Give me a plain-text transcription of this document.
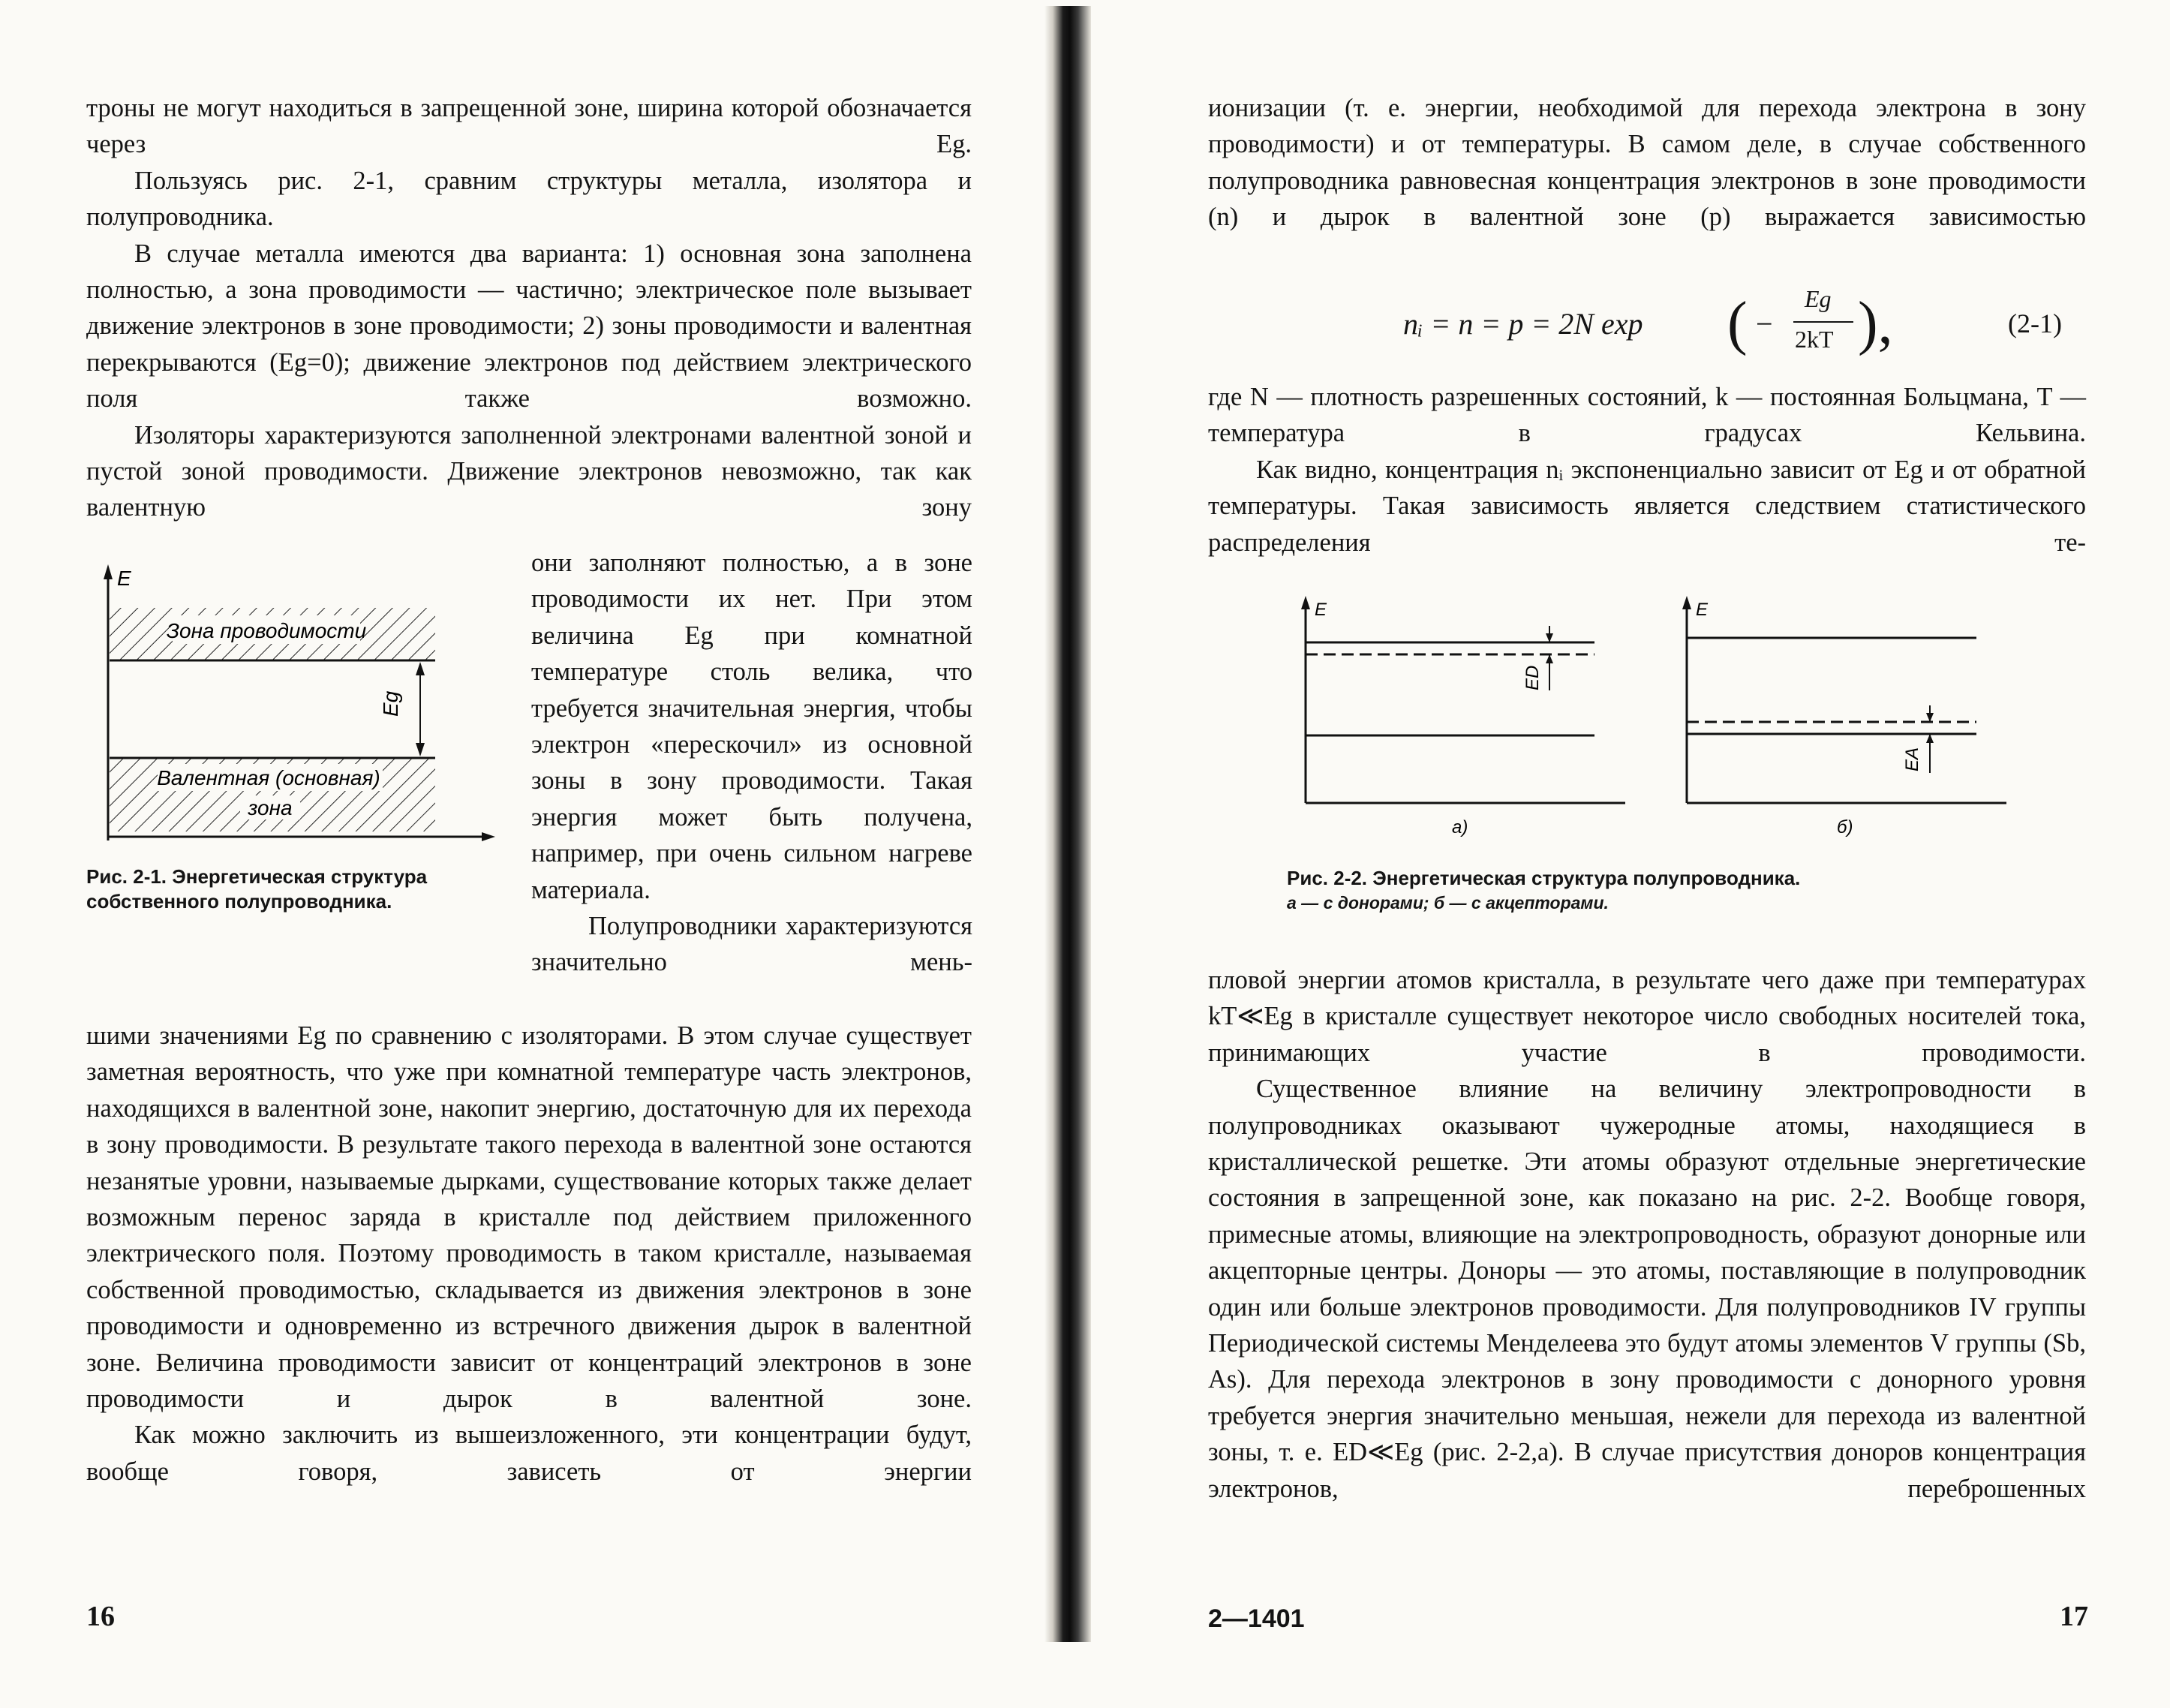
троны не могут находиться в запрещенной зоне, ширина которой обозначается через Eg.

Пользуясь рис. 2-1, сравним структуры металла, изолятора и полупроводника.

В случае металла имеются два варианта: 1) основная зона заполнена полностью, а зона проводимости — частично; электрическое поле вызывает движение электронов в зоне проводимости; 2) зоны проводимости и валентная перекрываются (Eg=0); движение электронов под действием электрического поля также возможно.

Изоляторы характеризуются заполненной электронами валентной зоной и пустой зоной проводимости. Движение электронов невозможно, так как валентную зону

E
Зона проводимости
Валентная (основная)
зона
Eg
Рис. 2-1. Энергетическая структура собственного полупроводника.

они заполняют полностью, а в зоне проводимости их нет. При этом величина Eg при комнатной температуре столь велика, что требуется значительная энергия, чтобы электрон «перескочил» из основной зоны в зону проводимости. Такая энергия может быть получена, например, при очень сильном нагреве материала.

Полупроводники характеризуются значительно мень-

шими значениями Eg по сравнению с изоляторами. В этом случае существует заметная вероятность, что уже при комнатной температуре часть электронов, находящихся в валентной зоне, накопит энергию, достаточную для их перехода в зону проводимости. В результате такого перехода в валентной зоне остаются незанятые уровни, называемые дырками, существование которых также делает возможным перенос заряда в кристалле под действием приложенного электрического поля. Поэтому проводимость в таком кристалле, называемая собственной проводимостью, складывается из движения электронов в зоне проводимости и одновременно из встречного движения дырок в валентной зоне. Величина проводимости зависит от концентраций электронов в зоне проводимости и дырок в валентной зоне.

Как можно заключить из вышеизложенного, эти концентрации будут, вообще говоря, зависеть от энергии

16

ионизации (т. е. энергии, необходимой для перехода электрона в зону проводимости) и от температуры. В самом деле, в случае собственного полупроводника равновесная концентрация электронов в зоне проводимости (n) и дырок в валентной зоне (p) выражается зависимостью

nᵢ = n = p = 2N exp ( −
Eg
2kT ),	(2-1)

где N — плотность разрешенных состояний, k — постоянная Больцмана, T — температура в градусах Кельвина.

Как видно, концентрация nᵢ экспоненциально зависит от Eg и от обратной температуры. Такая зависимость является следствием статистического распределения те-

E
ED
а)
E
EA
б)
Рис. 2-2. Энергетическая структура полупроводника.
а — с донорами; б — с акцепторами.

пловой энергии атомов кристалла, в результате чего даже при температурах kT≪Eg в кристалле существует некоторое число свободных носителей тока, принимающих участие в проводимости.

Существенное влияние на величину электропроводности в полупроводниках оказывают чужеродные атомы, находящиеся в кристаллической решетке. Эти атомы образуют отдельные энергетические состояния в запрещенной зоне, как показано на рис. 2-2. Вообще говоря, примесные атомы, влияющие на электропроводность, образуют донорные или акцепторные центры. Доноры — это атомы, поставляющие в полупроводник один или больше электронов проводимости. Для полупроводников IV группы Периодической системы Менделеева это будут атомы элементов V группы (Sb, As). Для перехода электронов в зону проводимости с донорного уровня требуется энергия значительно меньшая, нежели для перехода из валентной зоны, т. е. ED≪Eg (рис. 2-2,а). В случае присутствия доноров концентрация электронов, переброшенных

2—1401	17
